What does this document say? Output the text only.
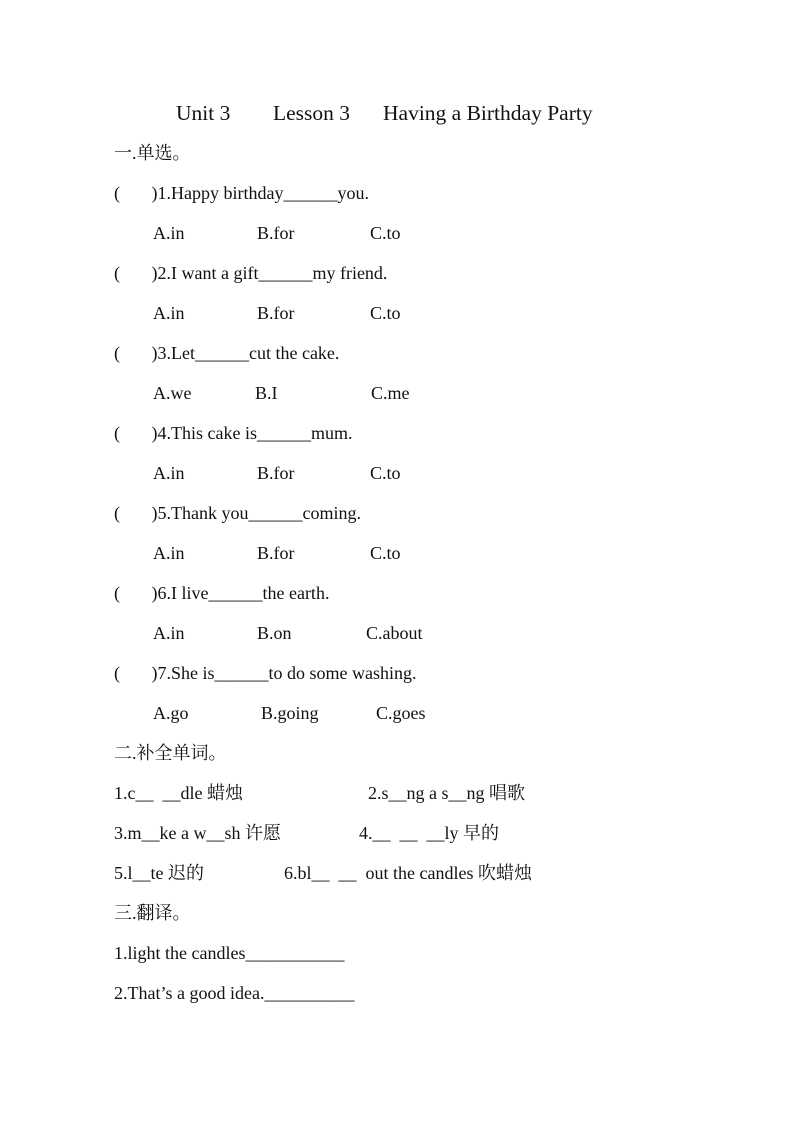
Unit 3 Lesson 3 Having a Birthday Party
一.单选。
(       )1.Happy birthday______you.
A.in	B.for	C.to
(       )2.I want a gift______my friend.
A.in	B.for	C.to
(       )3.Let______cut the cake.
A.we	B.I	C.me
(       )4.This cake is______mum.
A.in	B.for	C.to
(       )5.Thank you______coming.
A.in	B.for	C.to
(       )6.I live______the earth.
A.in	B.on	C.about
(       )7.She is______to do some washing.
A.go	B.going	C.goes
二.补全单词。
1.c__  __dle 蜡烛	2.s__ng a s__ng 唱歌
3.m__ke a w__sh 许愿	4.__  __  __ly 早的
5.l__te 迟的	6.bl__  __  out the candles 吹蜡烛
三.翻译。
1.light the candles___________
2.That’s a good idea.__________
